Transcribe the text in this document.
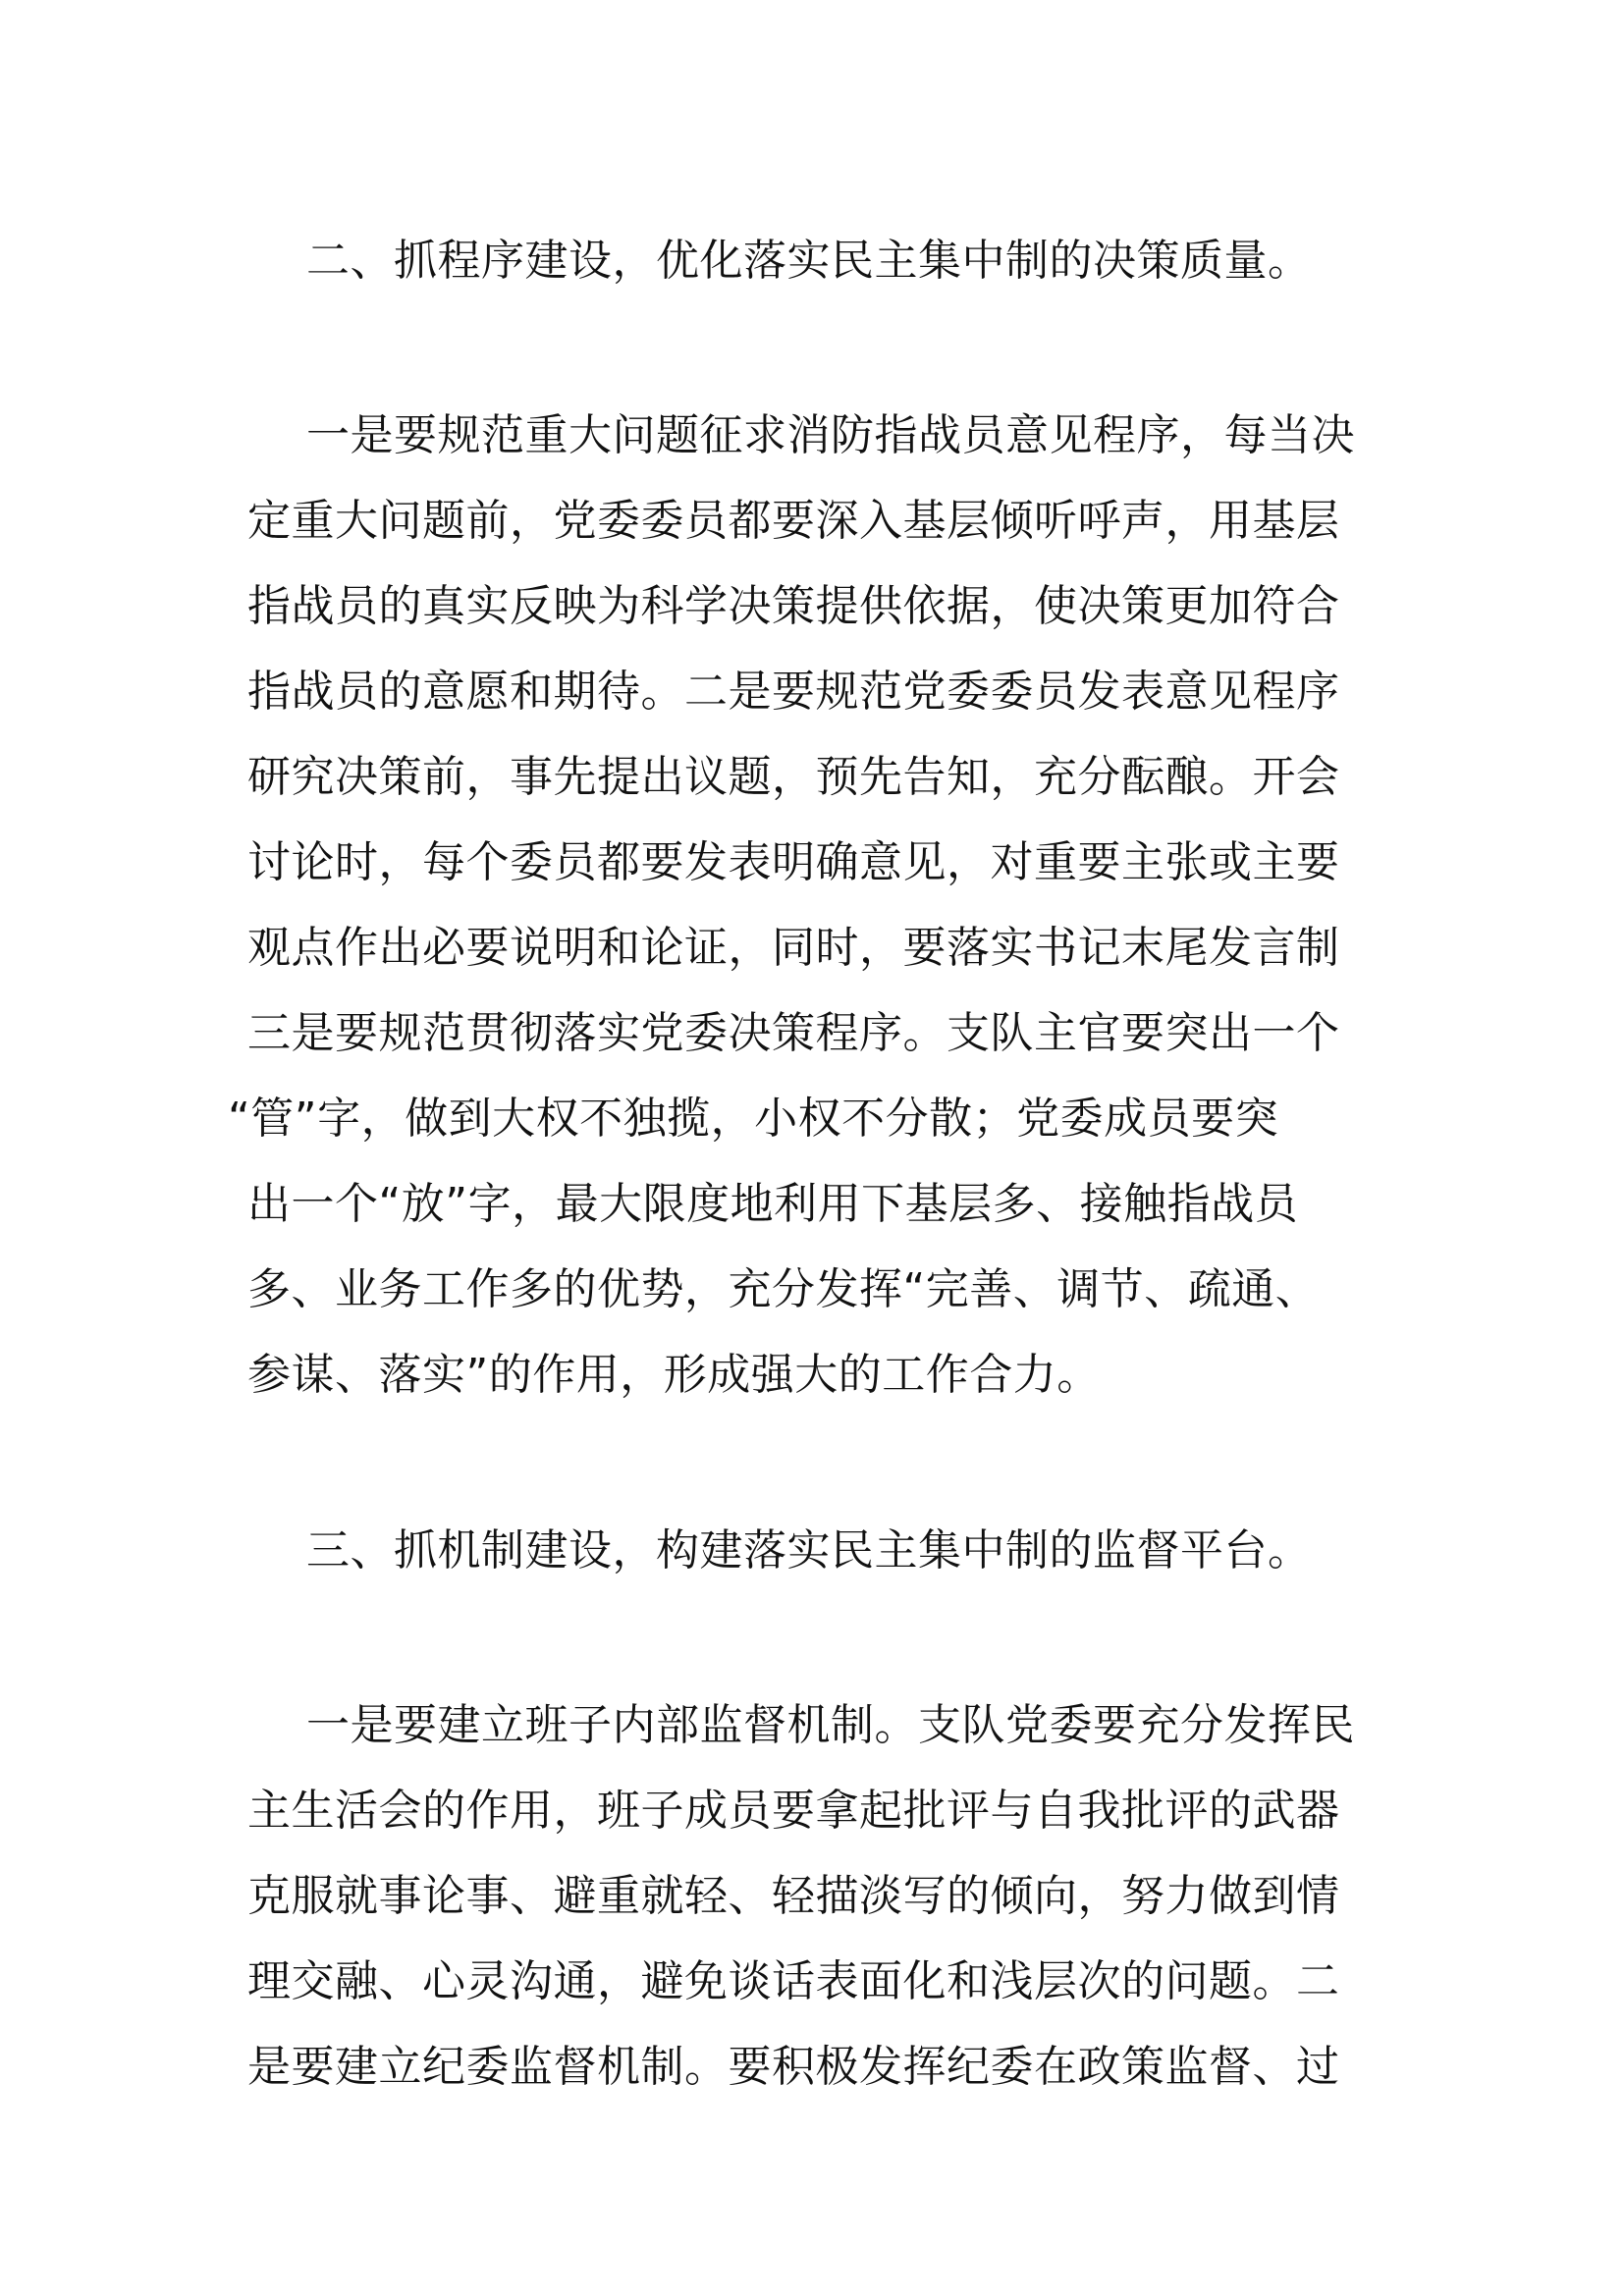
二、抓程序建设，优化落实民主集中制的决策质量。
一是要规范重大问题征求消防指战员意见程序，每当决
定重大问题前，党委委员都要深入基层倾听呼声，用基层
指战员的真实反映为科学决策提供依据，使决策更加符合
指战员的意愿和期待。二是要规范党委委员发表意见程序
研究决策前，事先提出议题，预先告知，充分酝酿。开会
讨论时，每个委员都要发表明确意见，对重要主张或主要
观点作出必要说明和论证，同时，要落实书记末尾发言制
三是要规范贯彻落实党委决策程序。支队主官要突出一个
“管”字，做到大权不独揽，小权不分散；党委成员要突
出一个“放”字，最大限度地利用下基层多、接触指战员
多、业务工作多的优势，充分发挥“完善、调节、疏通、
参谋、落实”的作用，形成强大的工作合力。
三、抓机制建设，构建落实民主集中制的监督平台。
一是要建立班子内部监督机制。支队党委要充分发挥民
主生活会的作用，班子成员要拿起批评与自我批评的武器
克服就事论事、避重就轻、轻描淡写的倾向，努力做到情
理交融、心灵沟通，避免谈话表面化和浅层次的问题。二
是要建立纪委监督机制。要积极发挥纪委在政策监督、过
